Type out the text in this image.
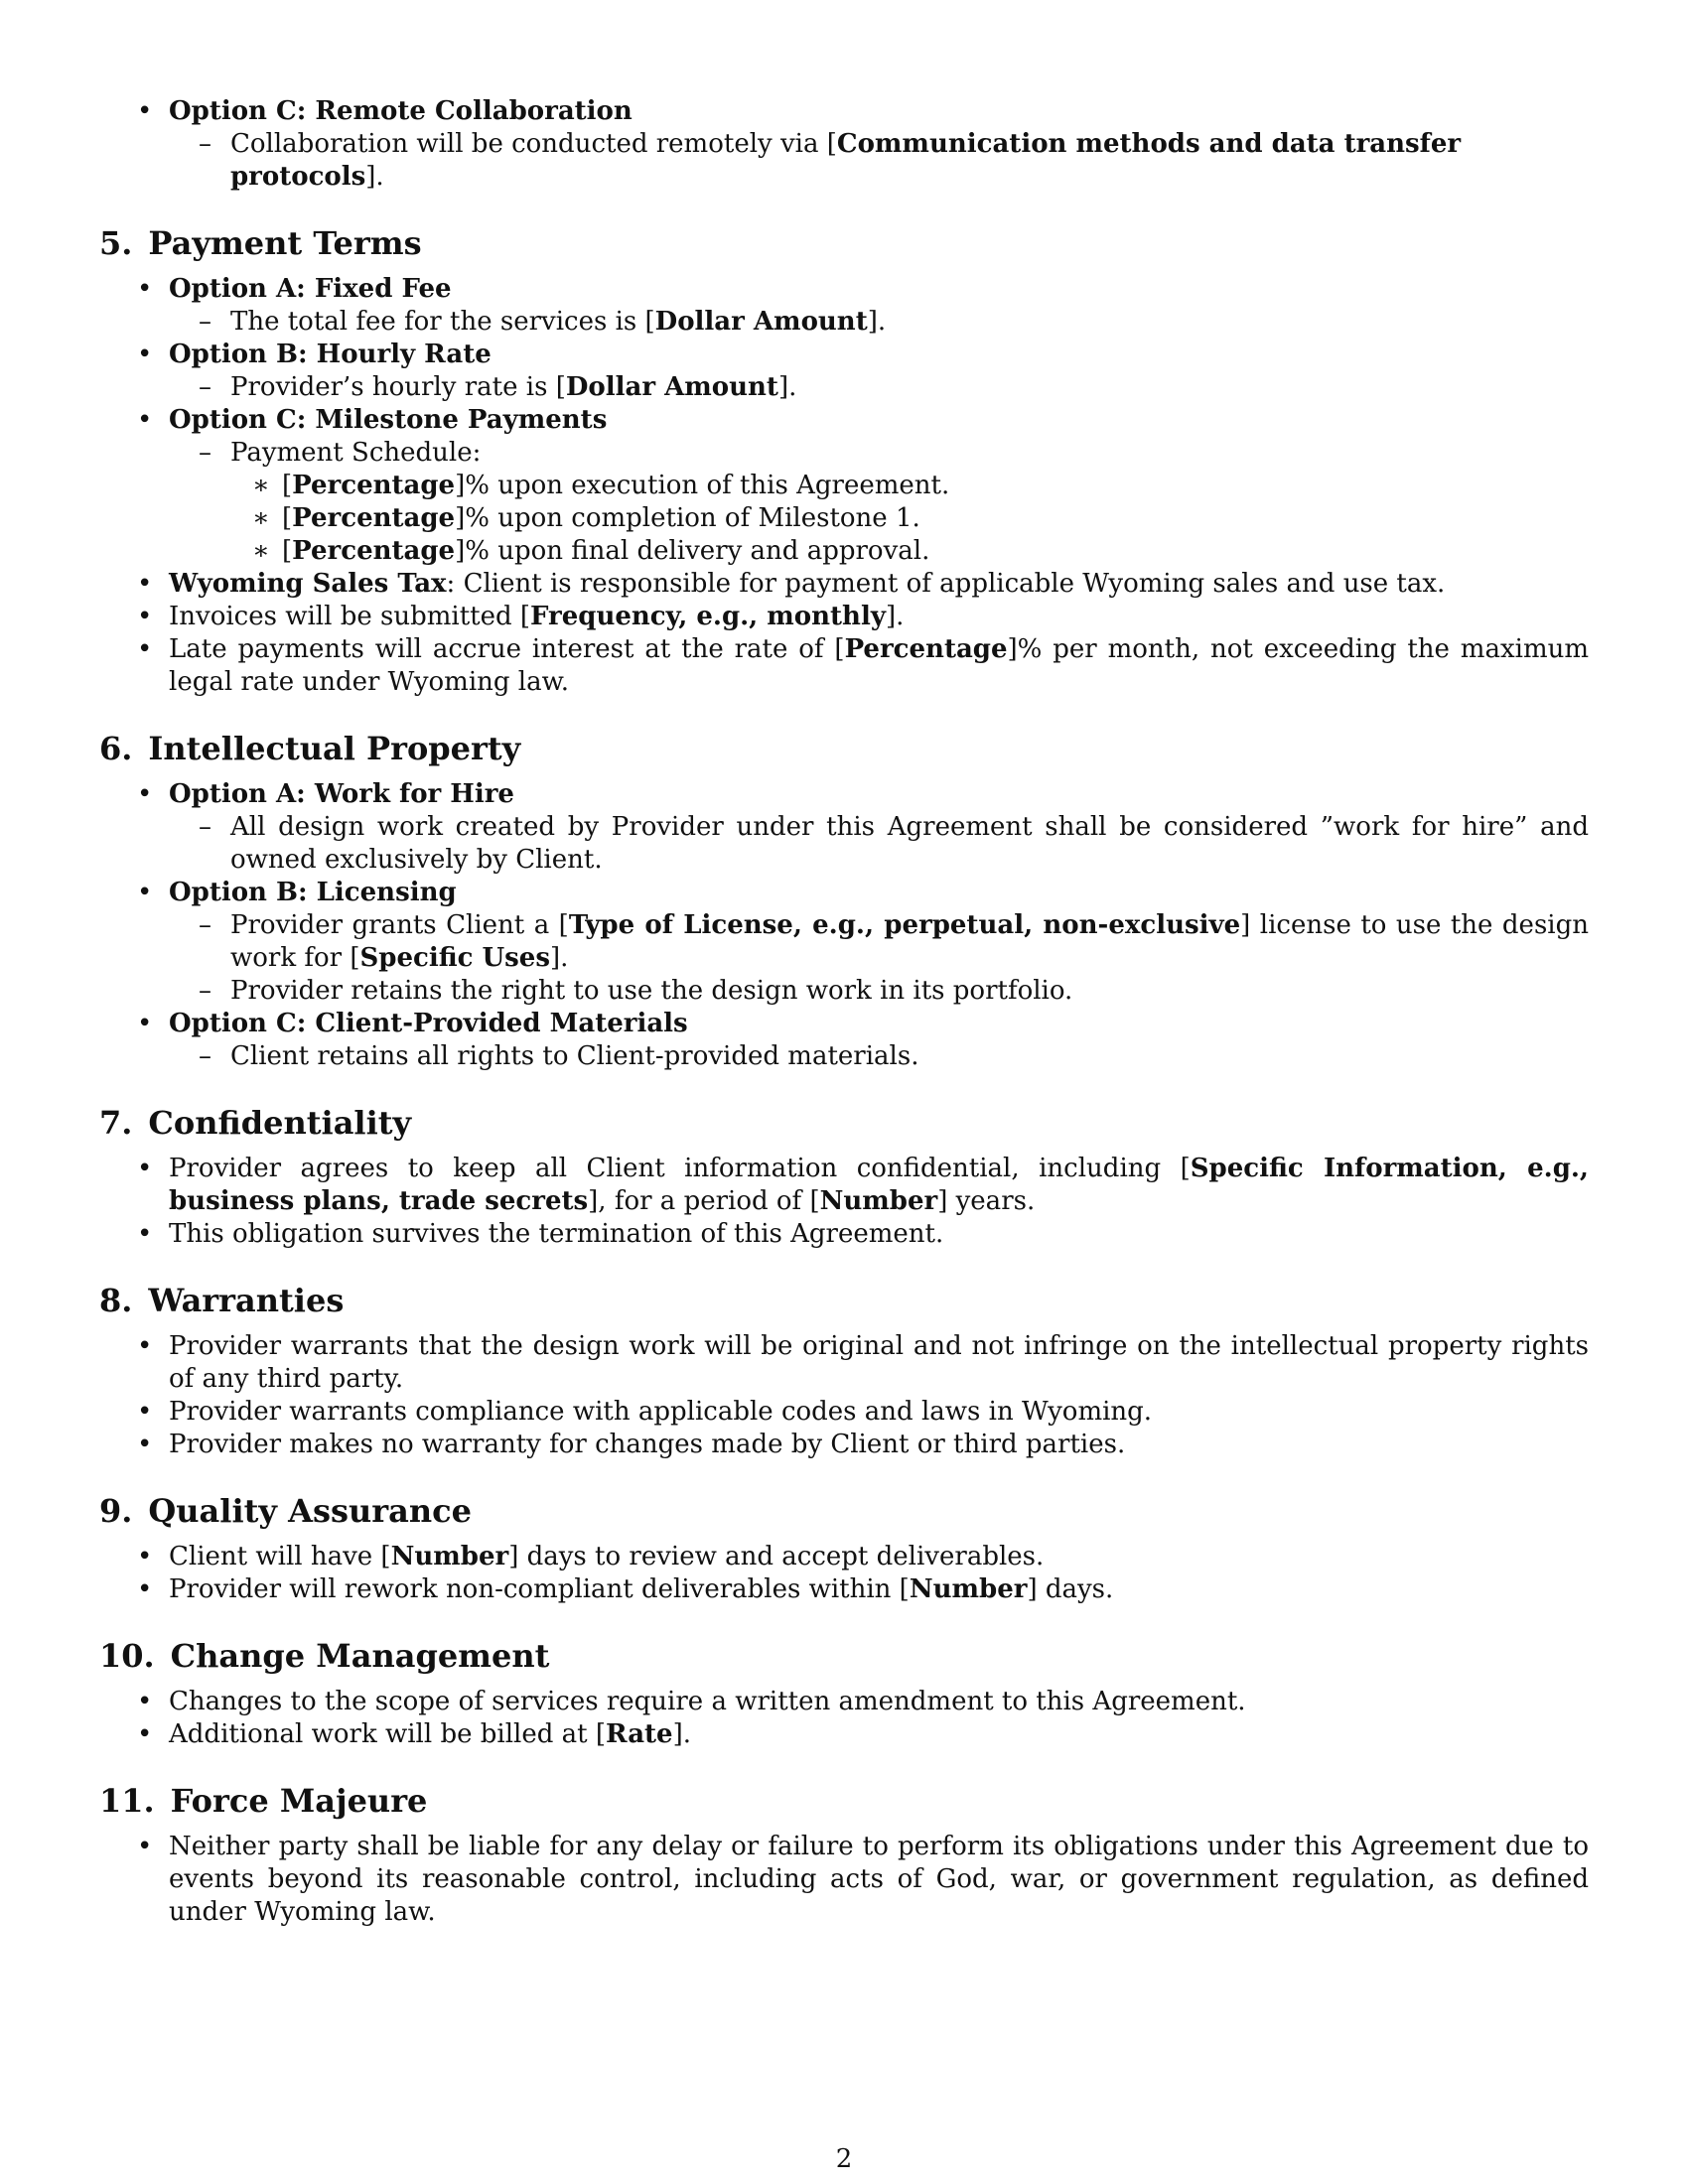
• Option C: Remote Collaboration
– Collaboration will be conducted remotely via [Communication methods and data transfer protocols].
5. Payment Terms
• Option A: Fixed Fee
– The total fee for the services is [Dollar Amount].
• Option B: Hourly Rate
– Provider’s hourly rate is [Dollar Amount].
• Option C: Milestone Payments
– Payment Schedule:
∗ [Percentage]% upon execution of this Agreement.
∗ [Percentage]% upon completion of Milestone 1.
∗ [Percentage]% upon final delivery and approval.
• Wyoming Sales Tax: Client is responsible for payment of applicable Wyoming sales and use tax.
• Invoices will be submitted [Frequency, e.g., monthly].
• Late payments will accrue interest at the rate of [Percentage]% per month, not exceeding the maximum legal rate under Wyoming law.
6. Intellectual Property
• Option A: Work for Hire
– All design work created by Provider under this Agreement shall be considered ”work for hire” and owned exclusively by Client.
• Option B: Licensing
– Provider grants Client a [Type of License, e.g., perpetual, non-exclusive] license to use the design work for [Specific Uses].
– Provider retains the right to use the design work in its portfolio.
• Option C: Client-Provided Materials
– Client retains all rights to Client-provided materials.
7. Confidentiality
• Provider agrees to keep all Client information confidential, including [Specific Information, e.g., business plans, trade secrets], for a period of [Number] years.
• This obligation survives the termination of this Agreement.
8. Warranties
• Provider warrants that the design work will be original and not infringe on the intellectual property rights of any third party.
• Provider warrants compliance with applicable codes and laws in Wyoming.
• Provider makes no warranty for changes made by Client or third parties.
9. Quality Assurance
• Client will have [Number] days to review and accept deliverables.
• Provider will rework non-compliant deliverables within [Number] days.
10. Change Management
• Changes to the scope of services require a written amendment to this Agreement.
• Additional work will be billed at [Rate].
11. Force Majeure
• Neither party shall be liable for any delay or failure to perform its obligations under this Agreement due to events beyond its reasonable control, including acts of God, war, or government regulation, as defined under Wyoming law.
2
